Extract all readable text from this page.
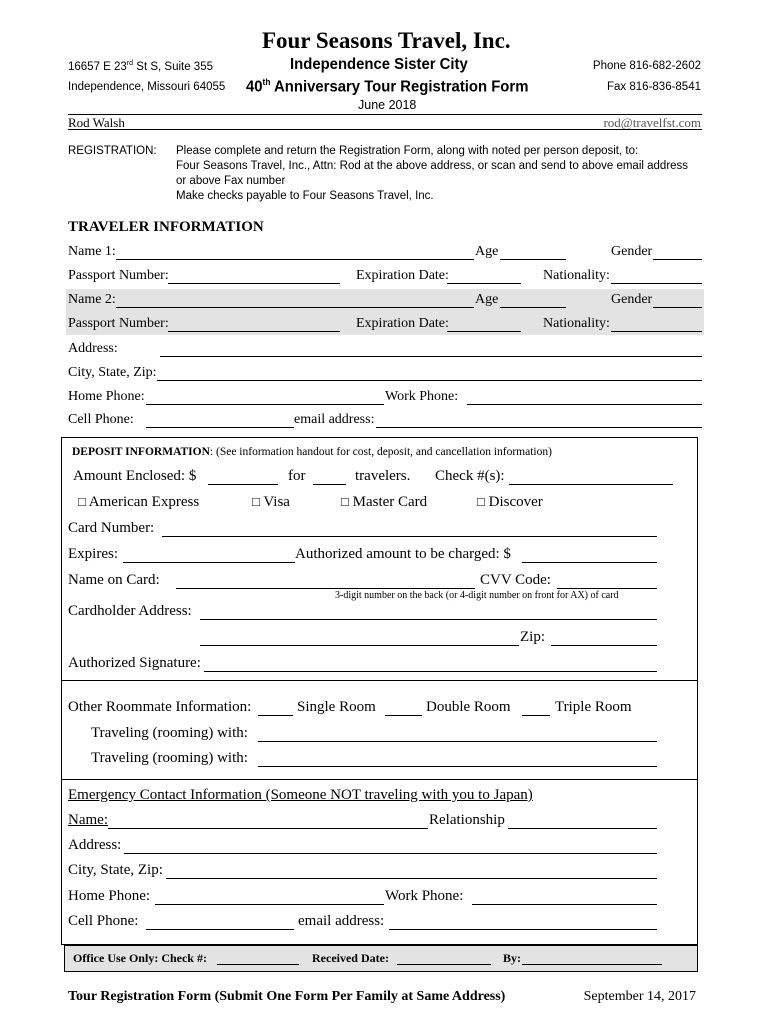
Four Seasons Travel, Inc.
16657 E 23rd St S, Suite 355
Independence, Missouri 64055
Independence Sister City
40th Anniversary Tour Registration Form
June 2018
Phone 816-682-2602
Fax 816-836-8541
Rod Walsh	rod@travelfst.com
REGISTRATION: Please complete and return the Registration Form, along with noted per person deposit, to:
Four Seasons Travel, Inc., Attn: Rod at the above address, or scan and send to above email address
or above Fax number
Make checks payable to Four Seasons Travel, Inc.
TRAVELER INFORMATION
Name 1:	Age	Gender
Passport Number:	Expiration Date:	Nationality:
Name 2:	Age	Gender
Passport Number:	Expiration Date:	Nationality:
Address:
City, State, Zip:
Home Phone:	Work Phone:
Cell Phone:	email address:
DEPOSIT INFORMATION: (See information handout for cost, deposit, and cancellation information)
Amount Enclosed: $	for	travelers. Check #(s):
□ American Express	□ Visa	□ Master Card	□ Discover
Card Number:
Expires:	Authorized amount to be charged: $
Name on Card:	CVV Code:
3-digit number on the back (or 4-digit number on front for AX) of card
Cardholder Address:
Zip:
Authorized Signature:
Other Roommate Information:	Single Room	Double Room	Triple Room
Traveling (rooming) with:
Traveling (rooming) with:
Emergency Contact Information (Someone NOT traveling with you to Japan)
Name:	Relationship
Address:
City, State, Zip:
Home Phone:	Work Phone:
Cell Phone:	email address:
Office Use Only: Check #:	Received Date:	By:
Tour Registration Form (Submit One Form Per Family at Same Address)	September 14, 2017
